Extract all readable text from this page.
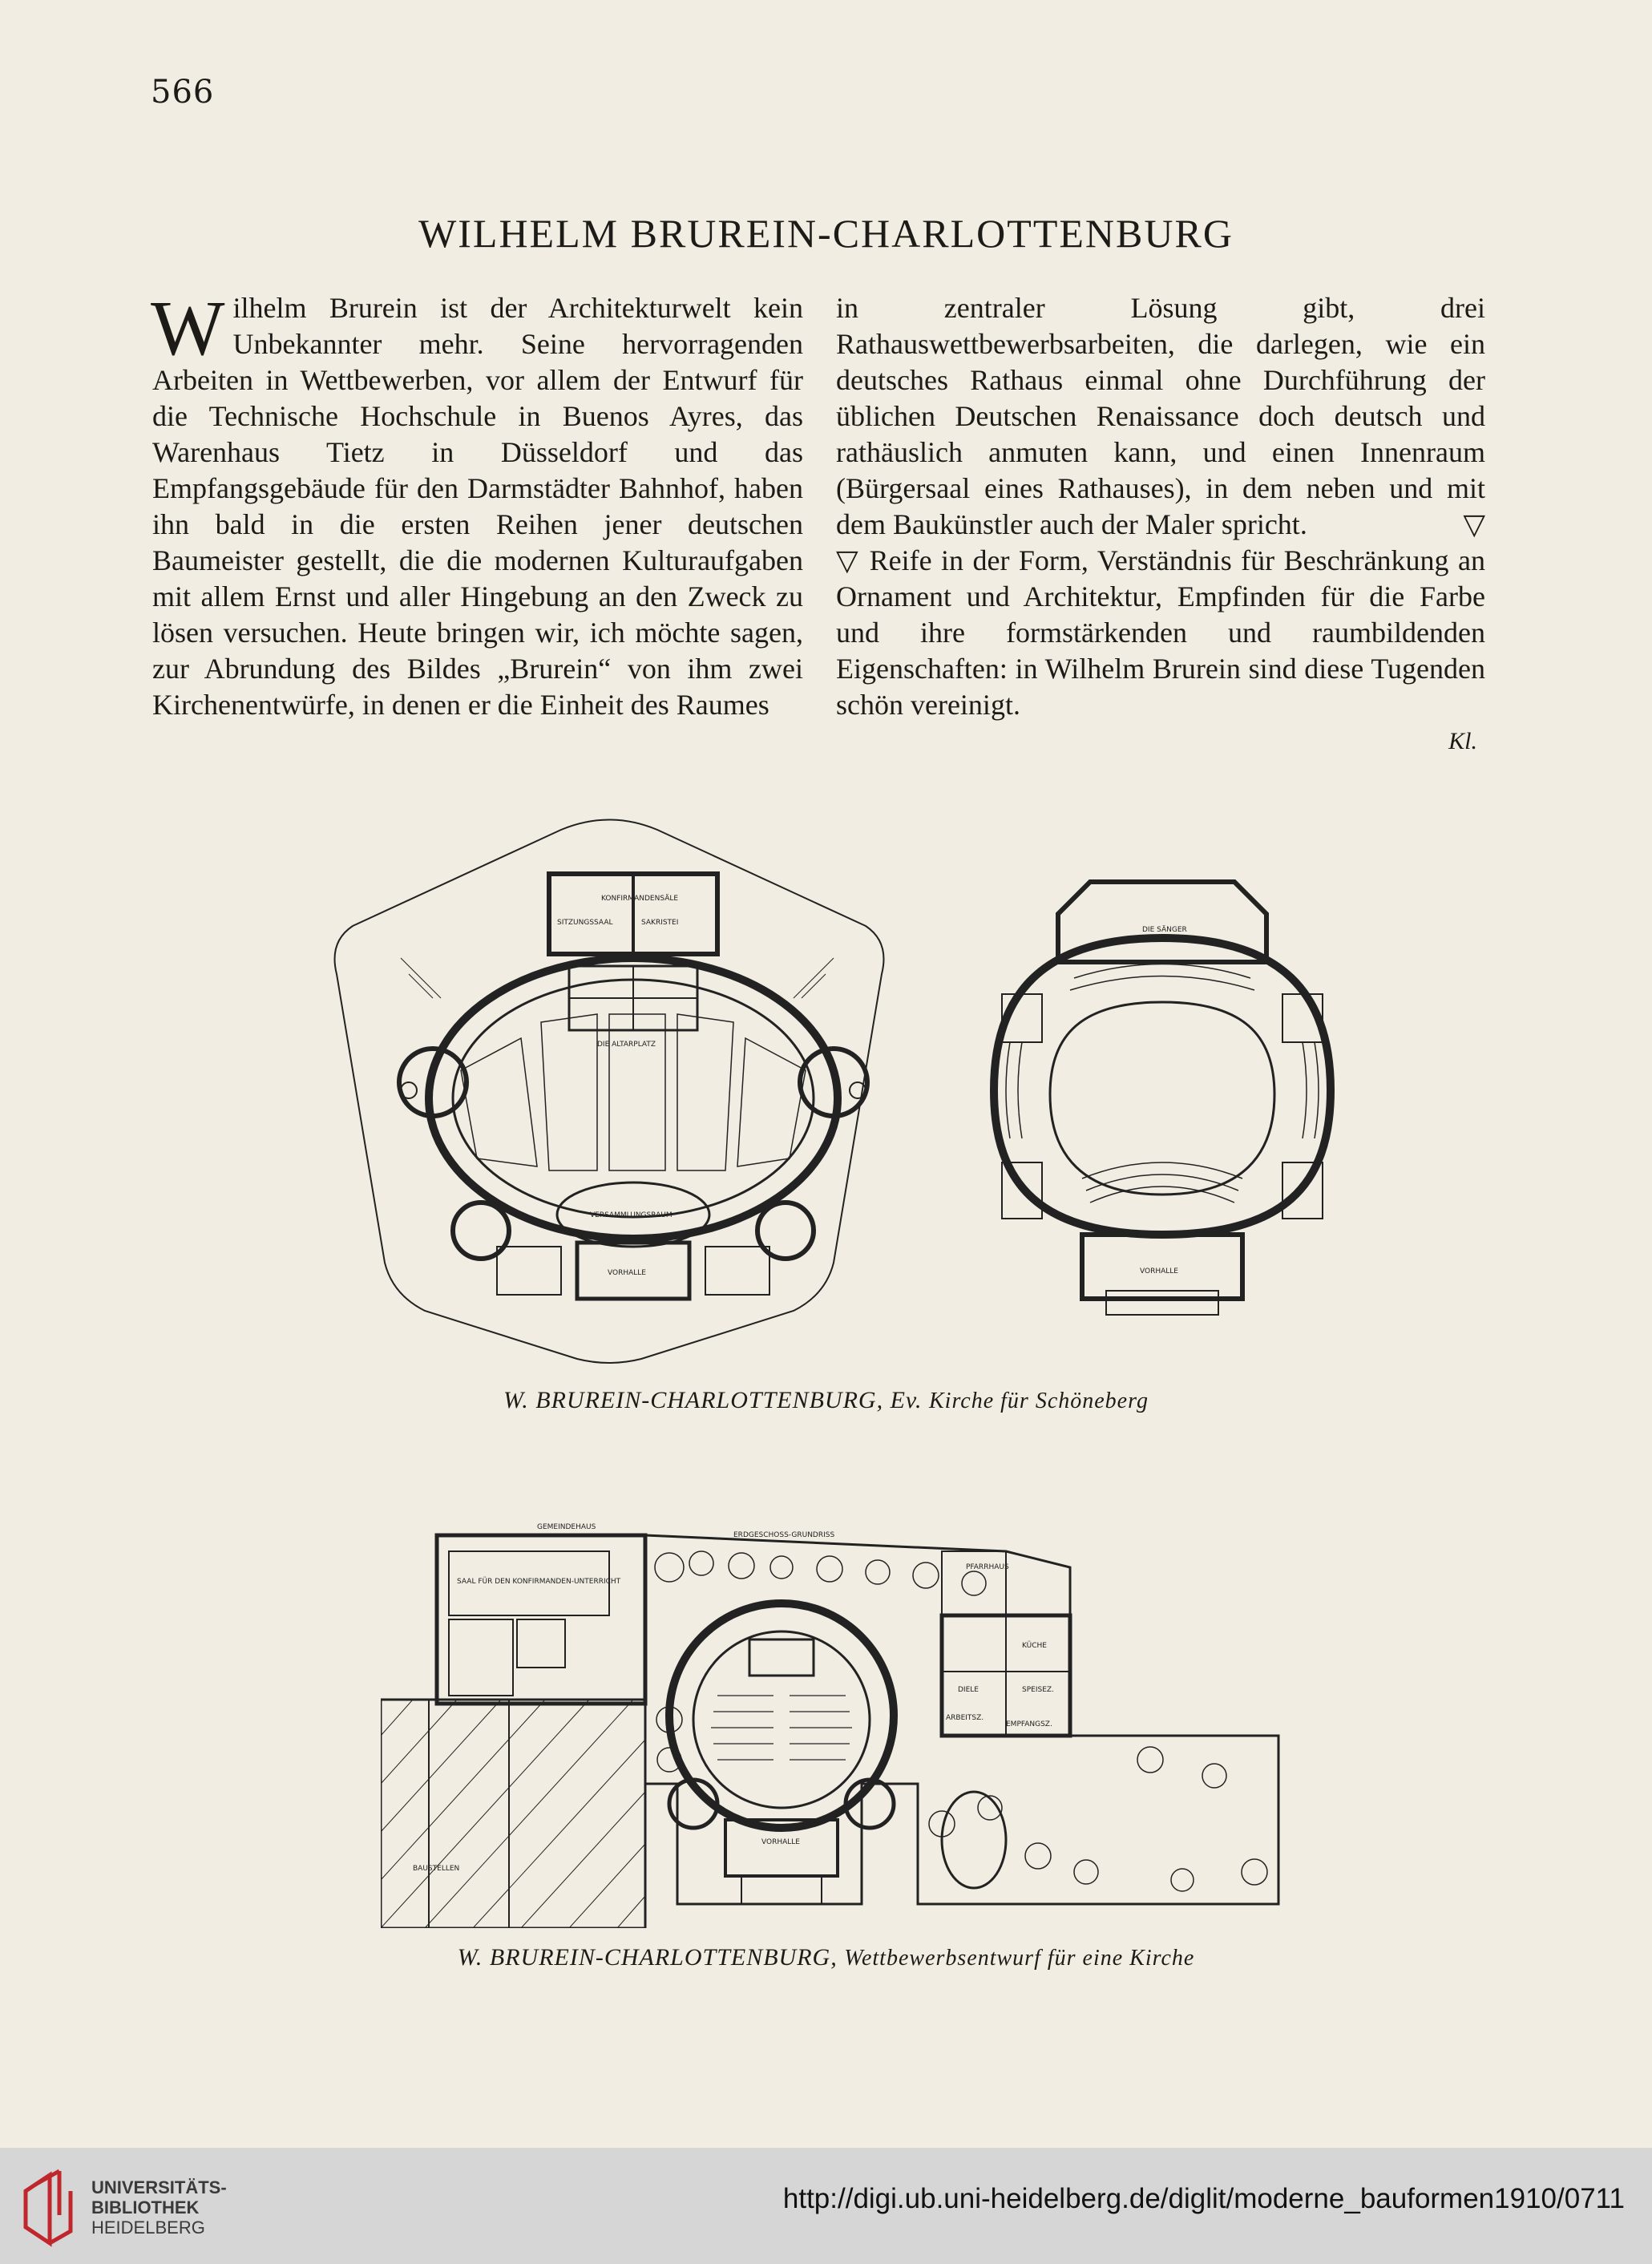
566
WILHELM BRUREIN-CHARLOTTENBURG

Wilhelm Brurein ist der Architekturwelt kein Unbekannter mehr. Seine hervorragenden Arbeiten in Wettbewerben, vor allem der Entwurf für die Technische Hochschule in Buenos Ayres, das Warenhaus Tietz in Düsseldorf und das Empfangsgebäude für den Darmstädter Bahnhof, haben ihn bald in die ersten Reihen jener deutschen Baumeister gestellt, die die modernen Kulturaufgaben mit allem Ernst und aller Hingebung an den Zweck zu lösen versuchen. Heute bringen wir, ich möchte sagen, zur Abrundung des Bildes „Brurein“ von ihm zwei Kirchenentwürfe, in denen er die Einheit des Raumes

in zentraler Lösung gibt, drei Rathauswettbewerbsarbeiten, die darlegen, wie ein deutsches Rathaus einmal ohne Durchführung der üblichen Deutschen Renaissance doch deutsch und rathäuslich anmuten kann, und einen Innenraum (Bürgersaal eines Rathauses), in dem neben und mit dem Baukünstler auch der Maler spricht.	▽

▽ Reife in der Form, Verständnis für Beschränkung an Ornament und Architektur, Empfinden für die Farbe und ihre formstärkenden und raumbildenden Eigenschaften: in Wilhelm Brurein sind diese Tugenden schön vereinigt.

Kl.
KONFIRMANDENSÄLE
SITZUNGSSAAL	SAKRISTEI
DIE ALTARPLATZ
VERSAMMLUNGSRAUM
VORHALLE
DIE SÄNGER
VORHALLE
W. BRUREIN-CHARLOTTENBURG, Ev. Kirche für Schöneberg
GEMEINDEHAUS
ERDGESCHOSS-GRUNDRISS
PFARRHAUS
SAAL FÜR DEN KONFIRMANDEN-UNTERRICHT
VORHALLE
BAUSTELLEN
KÜCHE
SPEISEZ.
DIELE
ARBEITSZ.
EMPFANGSZ.
W. BRUREIN-CHARLOTTENBURG, Wettbewerbsentwurf für eine Kirche
UNIVERSITÄTS-
BIBLIOTHEK
HEIDELBERG
http://digi.ub.uni-heidelberg.de/diglit/moderne_bauformen1910/0711
